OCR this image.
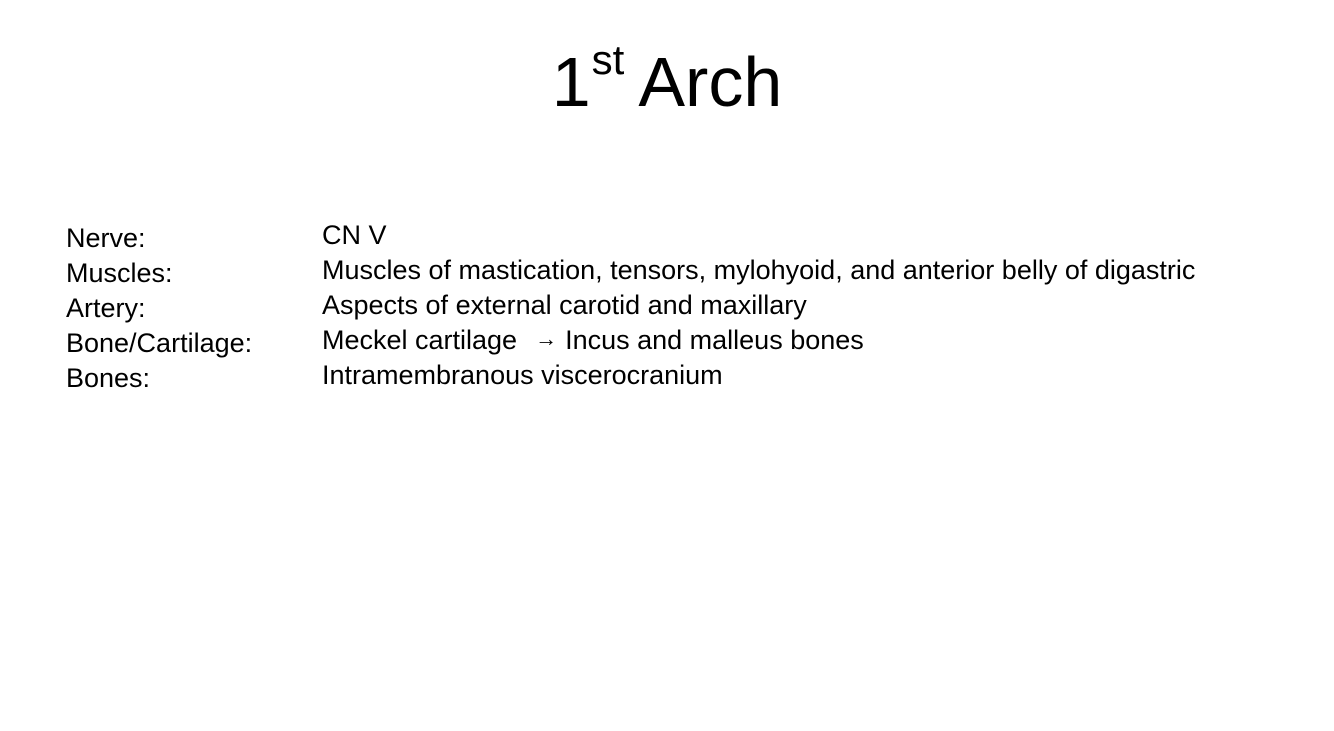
1st Arch
Nerve:	CN V
Muscles:	Muscles of mastication, tensors, mylohyoid, and anterior belly of digastric
Artery:	Aspects of external carotid and maxillary
Bone/Cartilage:	Meckel cartilage → Incus and malleus bones
Bones:	Intramembranous viscerocranium
